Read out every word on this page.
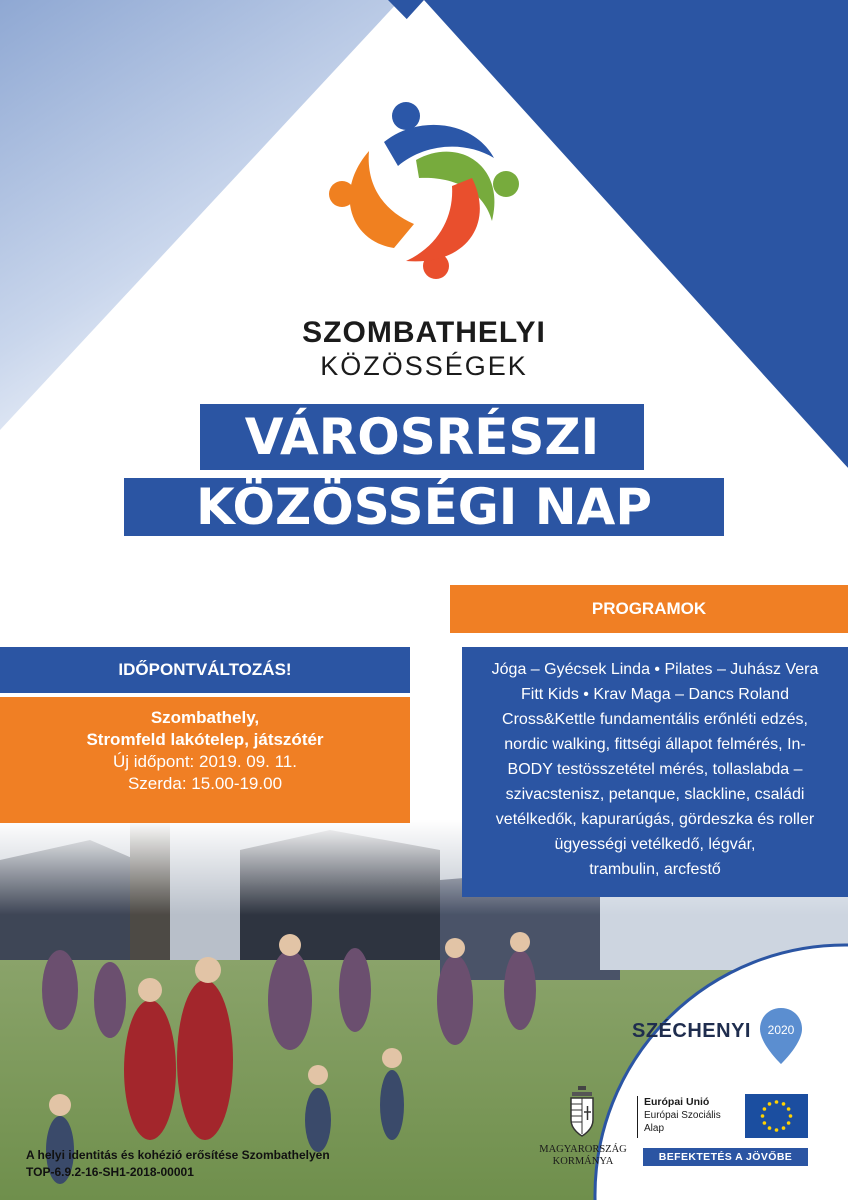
SZOMBATHELYI
KÖZÖSSÉGEK
VÁROSRÉSZI
KÖZÖSSÉGI NAP
PROGRAMOK
Jóga – Gyécsek Linda • Pilates – Juhász Vera
Fitt Kids • Krav Maga – Dancs Roland
Cross&Kettle fundamentális erőnléti edzés,
nordic walking, fittségi állapot felmérés, In-
BODY testösszetétel mérés, tollaslabda –
szivacstenisz, petanque, slackline, családi
vetélkedők, kapurarúgás, gördeszka és roller
ügyességi vetélkedő, légvár,
trambulin, arcfestő
IDŐPONTVÁLTOZÁS!
Szombathely,
Stromfeld lakótelep, játszótér
Új időpont: 2019. 09. 11.
Szerda: 15.00-19.00
A helyi identitás és kohézió erősítése Szombathelyen
TOP-6.9.2-16-SH1-2018-00001
SZÉCHENYI 2020
MAGYARORSZÁG
KORMÁNYA
Európai Unió
Európai Szociális
Alap
BEFEKTETÉS A JÖVŐBE
